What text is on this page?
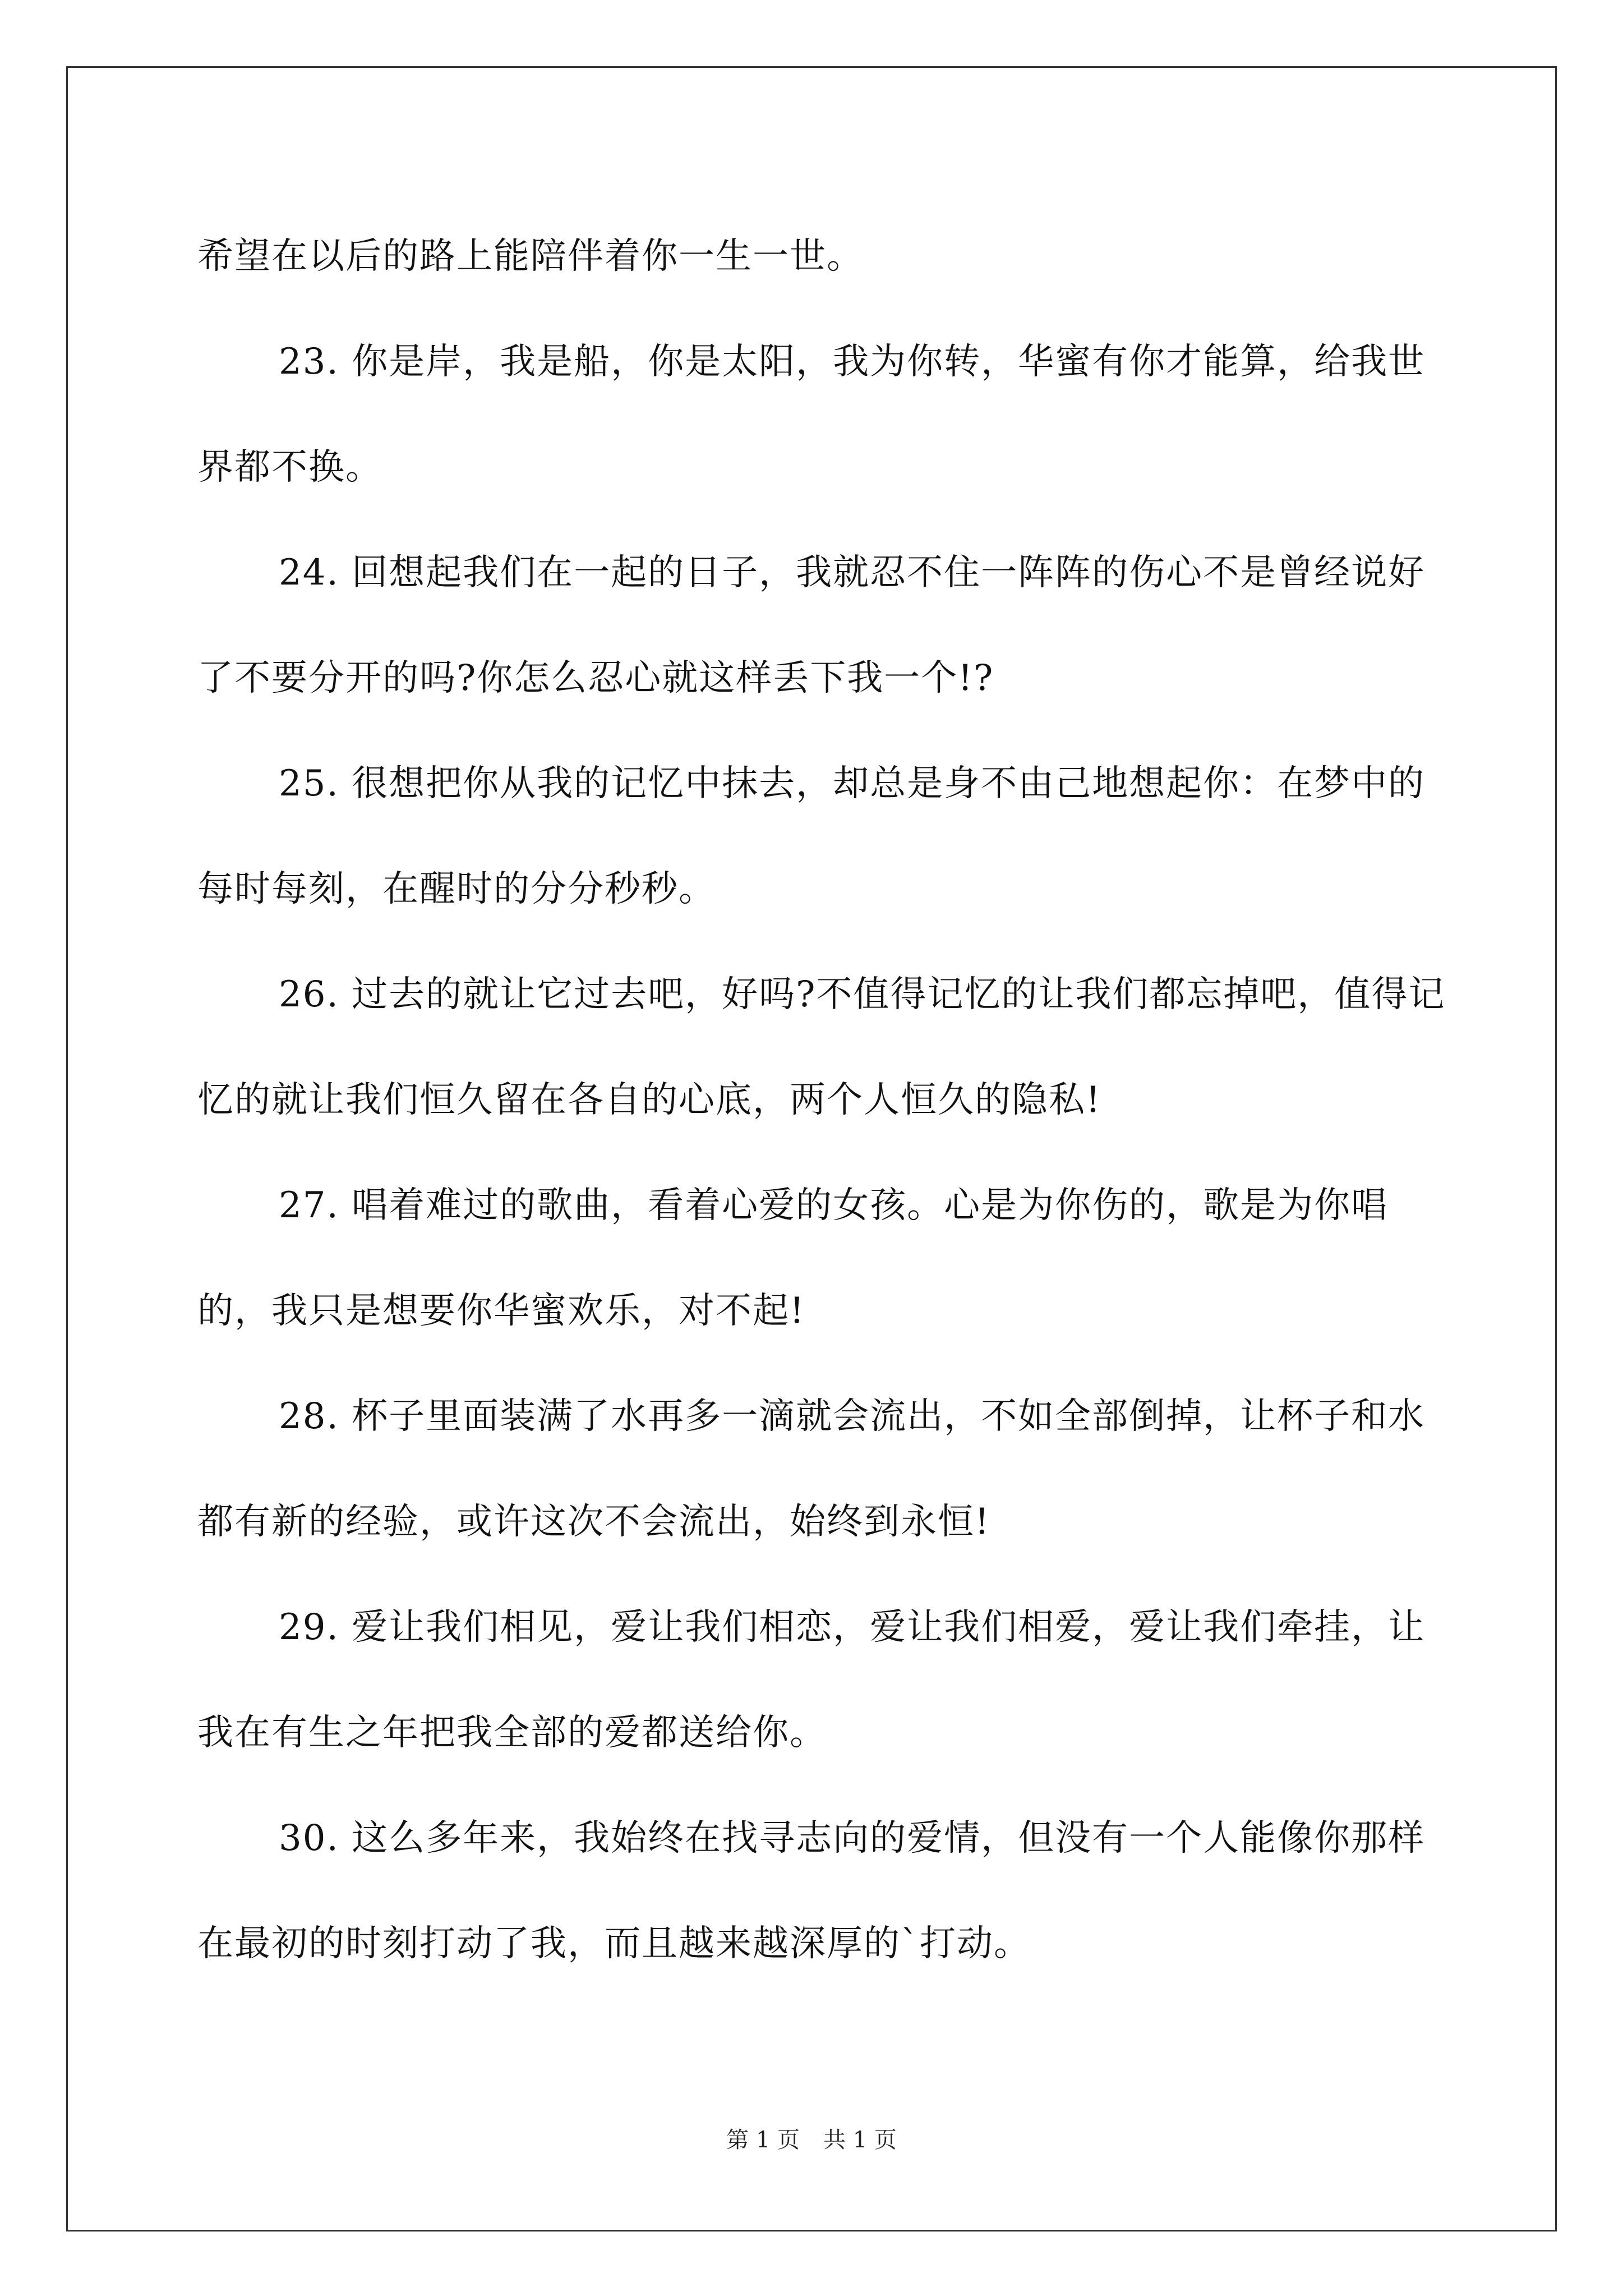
希望在以后的路上能陪伴着你一生一世。

23. 你是岸，我是船，你是太阳，我为你转，华蜜有你才能算，给我世界都不换。

24. 回想起我们在一起的日子，我就忍不住一阵阵的伤心不是曾经说好了不要分开的吗?你怎么忍心就这样丢下我一个!?

25. 很想把你从我的记忆中抹去，却总是身不由己地想起你：在梦中的每时每刻，在醒时的分分秒秒。

26. 过去的就让它过去吧，好吗?不值得记忆的让我们都忘掉吧，值得记忆的就让我们恒久留在各自的心底，两个人恒久的隐私!

27. 唱着难过的歌曲，看着心爱的女孩。心是为你伤的，歌是为你唱的，我只是想要你华蜜欢乐，对不起!

28. 杯子里面装满了水再多一滴就会流出，不如全部倒掉，让杯子和水都有新的经验，或许这次不会流出，始终到永恒!

29. 爱让我们相见，爱让我们相恋，爱让我们相爱，爱让我们牵挂，让我在有生之年把我全部的爱都送给你。

30. 这么多年来，我始终在找寻志向的爱情，但没有一个人能像你那样在最初的时刻打动了我，而且越来越深厚的`打动。

第 1 页 共 1 页
